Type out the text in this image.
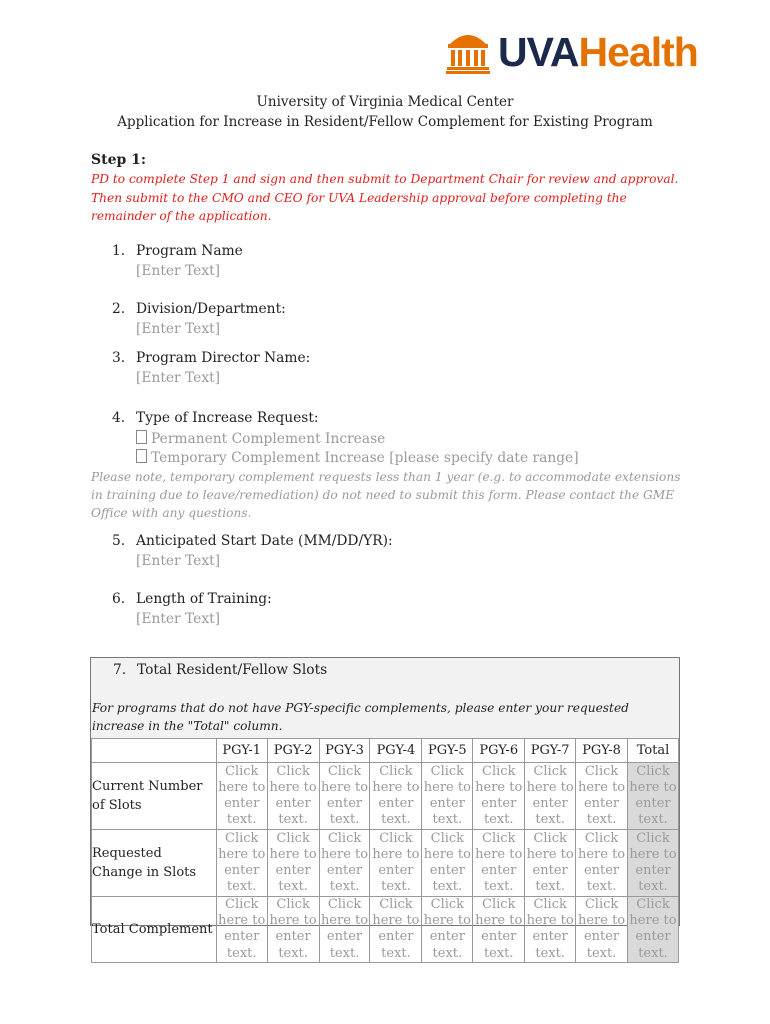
UVAHealth
University of Virginia Medical Center
Application for Increase in Resident/Fellow Complement for Existing Program
Step 1:
PD to complete Step 1 and sign and then submit to Department Chair for review and approval. Then submit to the CMO and CEO for UVA Leadership approval before completing the remainder of the application.
1. Program Name
[Enter Text]
2. Division/Department:
[Enter Text]
3. Program Director Name:
[Enter Text]
4. Type of Increase Request:
Permanent Complement Increase
Temporary Complement Increase [please specify date range]
Please note, temporary complement requests less than 1 year (e.g. to accommodate extensions in training due to leave/remediation) do not need to submit this form. Please contact the GME Office with any questions.
5. Anticipated Start Date (MM/DD/YR):
[Enter Text]
6. Length of Training:
[Enter Text]
7. Total Resident/Fellow Slots
For programs that do not have PGY-specific complements, please enter your requested increase in the "Total" column.
	PGY-1	PGY-2	PGY-3	PGY-4	PGY-5	PGY-6	PGY-7	PGY-8	Total
Current Number of Slots	Click here to enter text.	Click here to enter text.	Click here to enter text.	Click here to enter text.	Click here to enter text.	Click here to enter text.	Click here to enter text.	Click here to enter text.	Click here to enter text.
Requested Change in Slots	Click here to enter text.	Click here to enter text.	Click here to enter text.	Click here to enter text.	Click here to enter text.	Click here to enter text.	Click here to enter text.	Click here to enter text.	Click here to enter text.
Total Complement	Click here to enter text.	Click here to enter text.	Click here to enter text.	Click here to enter text.	Click here to enter text.	Click here to enter text.	Click here to enter text.	Click here to enter text.	Click here to enter text.
